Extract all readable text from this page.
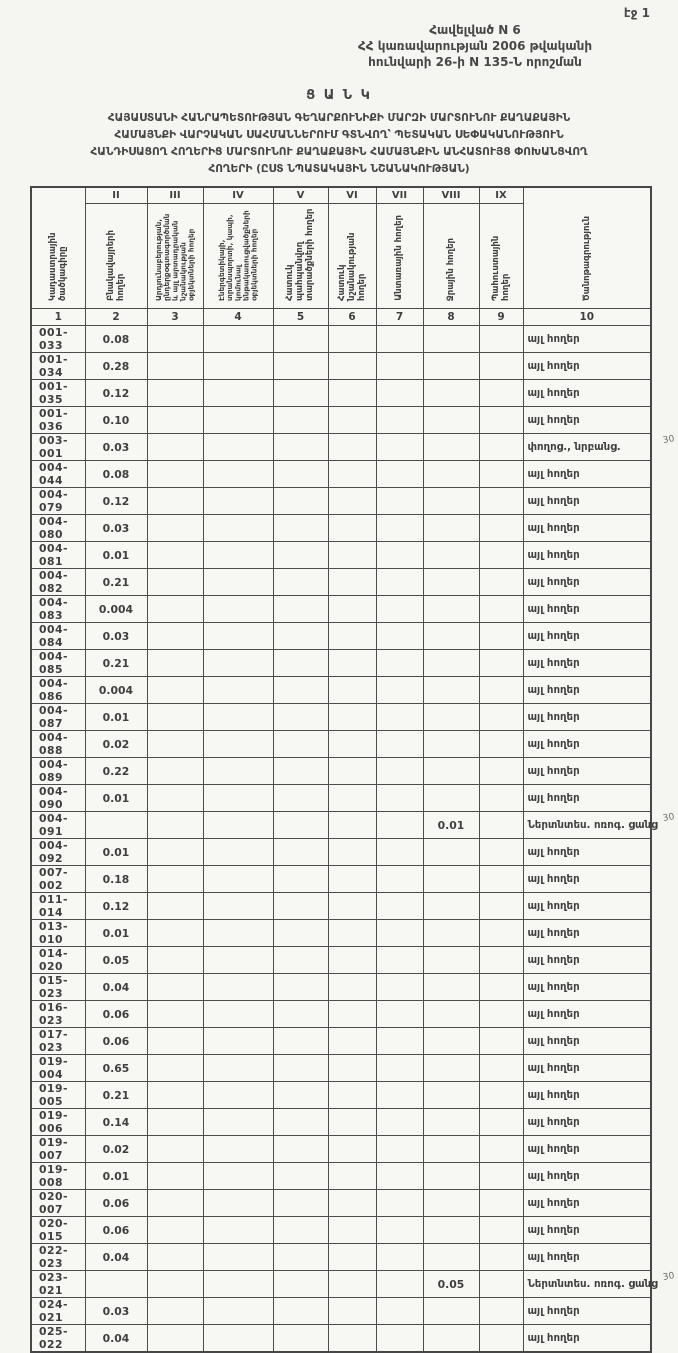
էջ 1
Հավելված N 6
ՀՀ կառավարության 2006 թվականի
հունվարի 26-ի N 135-Ն որոշման
Ց Ա Ն Կ
ՀԱՅԱՍՏԱՆԻ ՀԱՆՐԱՊԵՏՈՒԹՅԱՆ ԳԵՂԱՐՔՈՒՆԻՔԻ ՄԱՐԶԻ ՄԱՐՏՈՒՆՈՒ ՔԱՂԱՔԱՅԻՆ
ՀԱՄԱՅՆՔԻ ՎԱՐՉԱԿԱՆ ՍԱՀՄԱՆՆԵՐՈՒՄ ԳՏՆՎՈՂ՝ ՊԵՏԱԿԱՆ ՍԵՓԱԿԱՆՈՒԹՅՈՒՆ
ՀԱՆԴԻՍԱՑՈՂ ՀՈՂԵՐԻՑ ՄԱՐՏՈՒՆՈՒ ՔԱՂԱՔԱՅԻՆ ՀԱՄԱՅՆՔԻՆ ԱՆՀԱՏՈՒՅՑ ՓՈԽԱՆՑՎՈՂ
ՀՈՂԵՐԻ (ԸՍՏ ՆՊԱՏԱԿԱՅԻՆ ՆՇԱՆԱԿՈՒԹՅԱՆ)
Կադաստրային ծածկագիրը	II	III	IV	V	VI	VII	VIII	IX	Ծանոթագրություն
	Բնակավայրերի հողեր	Արդյունաբերության, ընդերքօգտագործման և այլ արտադրական նշանակության օբյեկտների հողեր	Էներգետիկայի, տրանսպորտի, կապի, կոմունալ ենթակառուցվածքների օբյեկտների հողեր	Հատուկ պահպանվող տարածքների հողեր	Հատուկ նշանակության հողեր	Անտառային հողեր	Ջրային հողեր	Պահուստային հողեր	
1	2	3	4	5	6	7	8	9	10
001-033	0.08								այլ հողեր
001-034	0.28								այլ հողեր
001-035	0.12								այլ հողեր
001-036	0.10								այլ հողեր
003-001	0.03								փողոց., նրբանց.
30

004-044	0.08								այլ հողեր
004-079	0.12								այլ հողեր
004-080	0.03								այլ հողեր
004-081	0.01								այլ հողեր
004-082	0.21								այլ հողեր
004-083	0.004								այլ հողեր
004-084	0.03								այլ հողեր
004-085	0.21								այլ հողեր
004-086	0.004								այլ հողեր
004-087	0.01								այլ հողեր
004-088	0.02								այլ հողեր
004-089	0.22								այլ հողեր
004-090	0.01								այլ հողեր
004-091							0.01		Ներտնտես. ոռոգ. ցանց
30

004-092	0.01								այլ հողեր
007-002	0.18								այլ հողեր
011-014	0.12								այլ հողեր
013-010	0.01								այլ հողեր
014-020	0.05								այլ հողեր
015-023	0.04								այլ հողեր
016-023	0.06								այլ հողեր
017-023	0.06								այլ հողեր
019-004	0.65								այլ հողեր
019-005	0.21								այլ հողեր
019-006	0.14								այլ հողեր
019-007	0.02								այլ հողեր
019-008	0.01								այլ հողեր
020-007	0.06								այլ հողեր
020-015	0.06								այլ հողեր
022-023	0.04								այլ հողեր
023-021							0.05		Ներտնտես. ոռոգ. ցանց
30

024-021	0.03								այլ հողեր
025-022	0.04								այլ հողեր
